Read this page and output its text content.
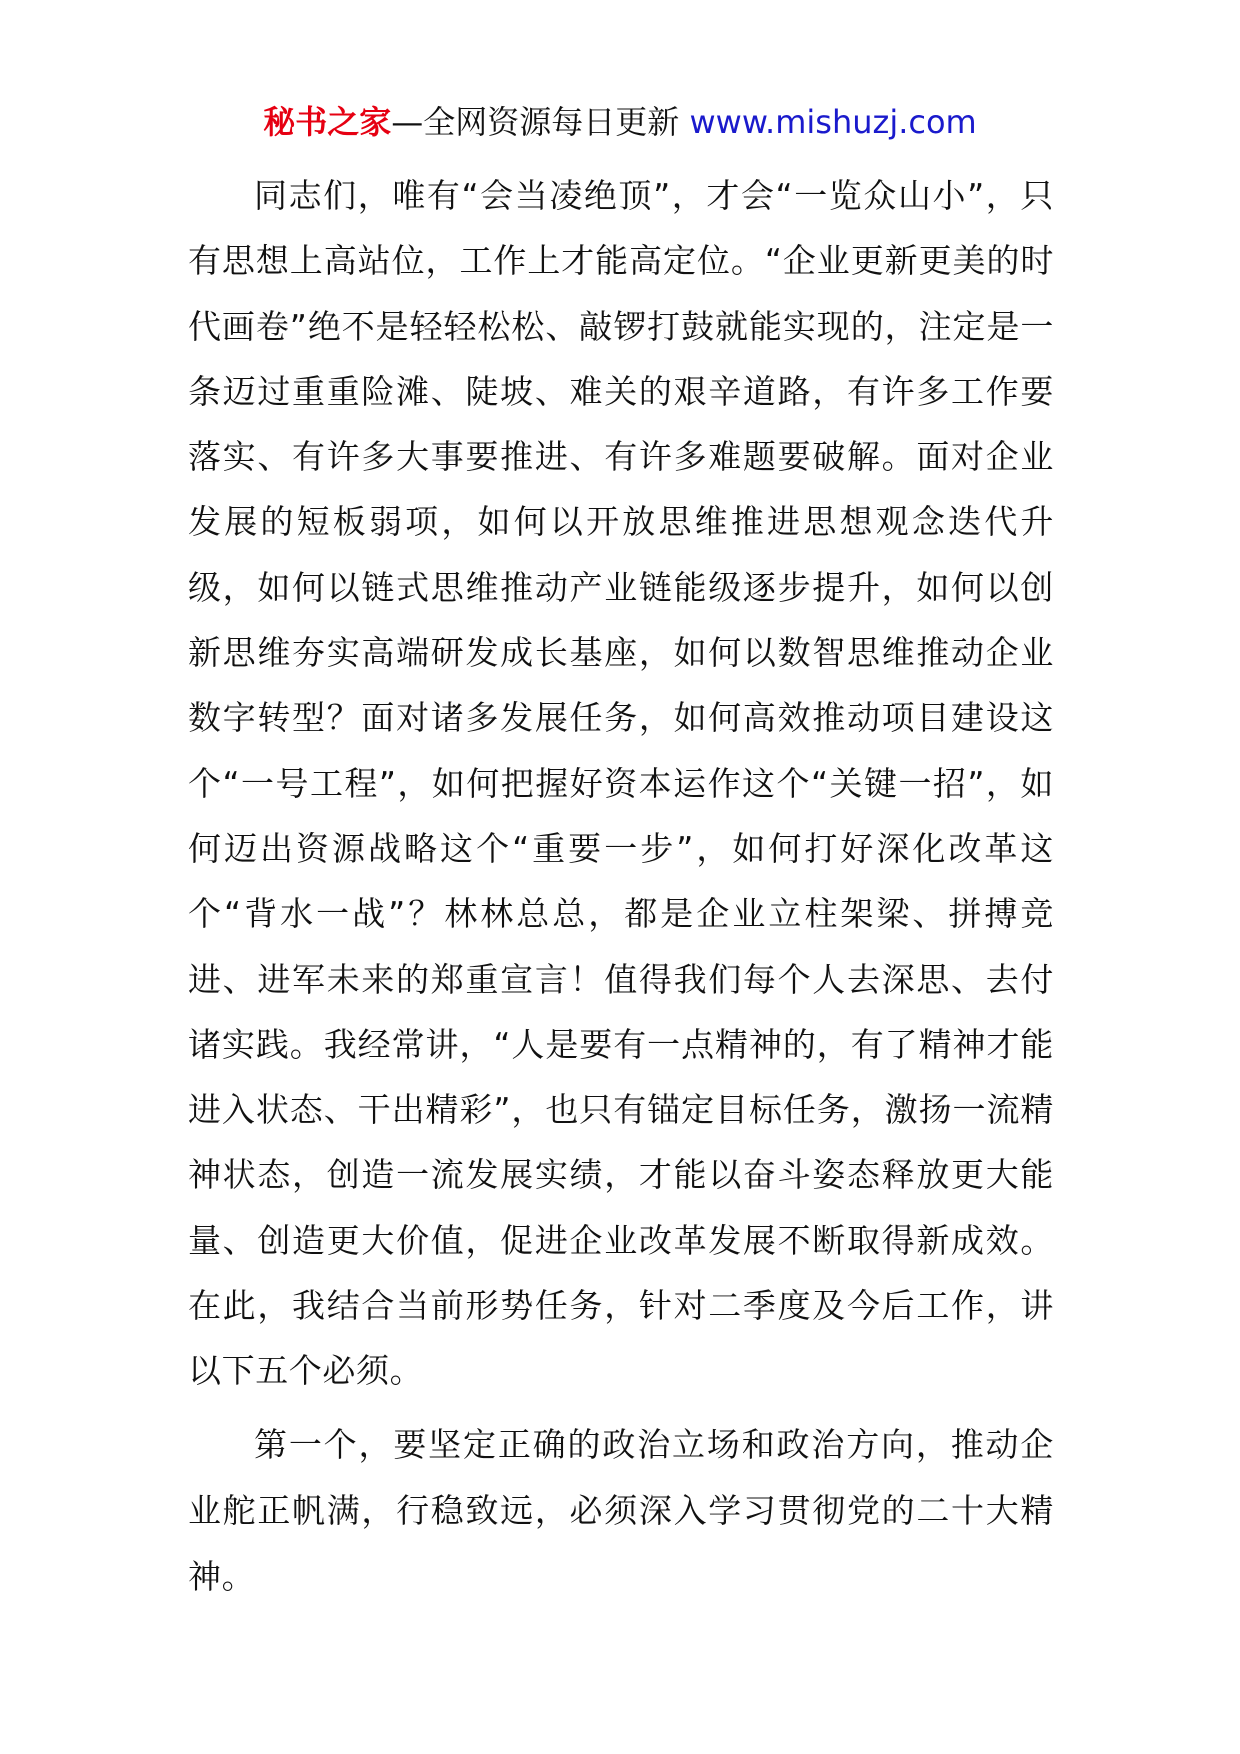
秘书之家—全网资源每日更新 www.mishuzj.com

同志们，唯有“会当凌绝顶”，才会“一览众山小”，只有思想上高站位，工作上才能高定位。“企业更新更美的时代画卷”绝不是轻轻松松、敲锣打鼓就能实现的，注定是一条迈过重重险滩、陡坡、难关的艰辛道路，有许多工作要落实、有许多大事要推进、有许多难题要破解。面对企业发展的短板弱项，如何以开放思维推进思想观念迭代升级，如何以链式思维推动产业链能级逐步提升，如何以创新思维夯实高端研发成长基座，如何以数智思维推动企业数字转型？面对诸多发展任务，如何高效推动项目建设这个“一号工程”，如何把握好资本运作这个“关键一招”，如何迈出资源战略这个“重要一步”，如何打好深化改革这个“背水一战”？林林总总，都是企业立柱架梁、拼搏竞进、进军未来的郑重宣言！值得我们每个人去深思、去付诸实践。我经常讲，“人是要有一点精神的，有了精神才能进入状态、干出精彩”，也只有锚定目标任务，激扬一流精神状态，创造一流发展实绩，才能以奋斗姿态释放更大能量、创造更大价值，促进企业改革发展不断取得新成效。在此，我结合当前形势任务，针对二季度及今后工作，讲以下五个必须。

第一个，要坚定正确的政治立场和政治方向，推动企业舵正帆满，行稳致远，必须深入学习贯彻党的二十大精神。
